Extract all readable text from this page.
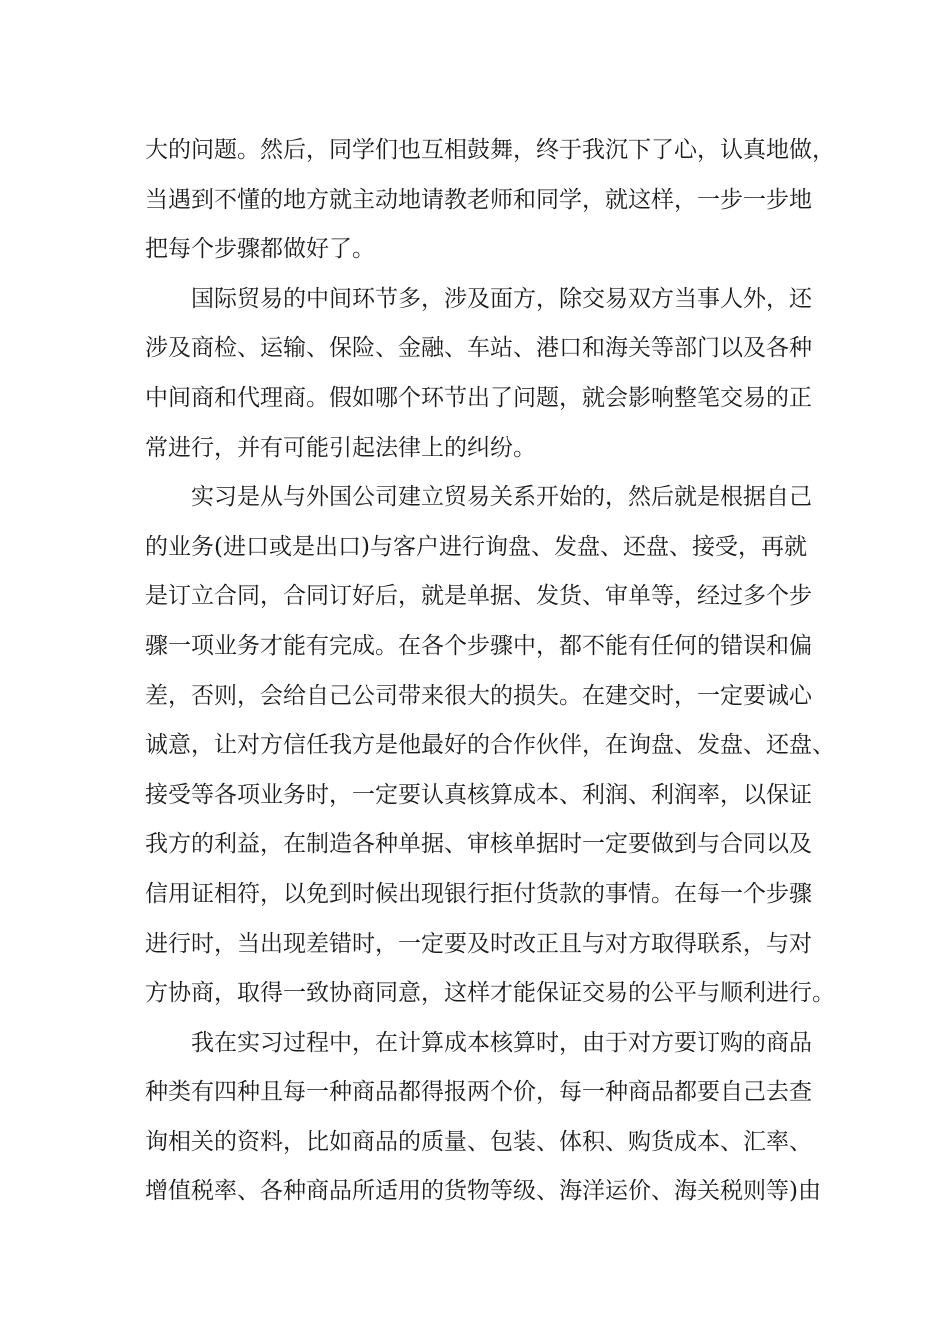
大的问题。然后，同学们也互相鼓舞，终于我沉下了心，认真地做，
当遇到不懂的地方就主动地请教老师和同学，就这样，一步一步地
把每个步骤都做好了。
国际贸易的中间环节多，涉及面方，除交易双方当事人外，还
涉及商检、运输、保险、金融、车站、港口和海关等部门以及各种
中间商和代理商。假如哪个环节出了问题，就会影响整笔交易的正
常进行，并有可能引起法律上的纠纷。
实习是从与外国公司建立贸易关系开始的，然后就是根据自己
的业务(进口或是出口)与客户进行询盘、发盘、还盘、接受，再就
是订立合同，合同订好后，就是单据、发货、审单等，经过多个步
骤一项业务才能有完成。在各个步骤中，都不能有任何的错误和偏
差，否则，会给自己公司带来很大的损失。在建交时，一定要诚心
诚意，让对方信任我方是他最好的合作伙伴，在询盘、发盘、还盘、
接受等各项业务时，一定要认真核算成本、利润、利润率，以保证
我方的利益，在制造各种单据、审核单据时一定要做到与合同以及
信用证相符，以免到时候出现银行拒付货款的事情。在每一个步骤
进行时，当出现差错时，一定要及时改正且与对方取得联系，与对
方协商，取得一致协商同意，这样才能保证交易的公平与顺利进行。
我在实习过程中，在计算成本核算时，由于对方要订购的商品
种类有四种且每一种商品都得报两个价，每一种商品都要自己去查
询相关的资料，比如商品的质量、包装、体积、购货成本、汇率、
增值税率、各种商品所适用的货物等级、海洋运价、海关税则等)由
